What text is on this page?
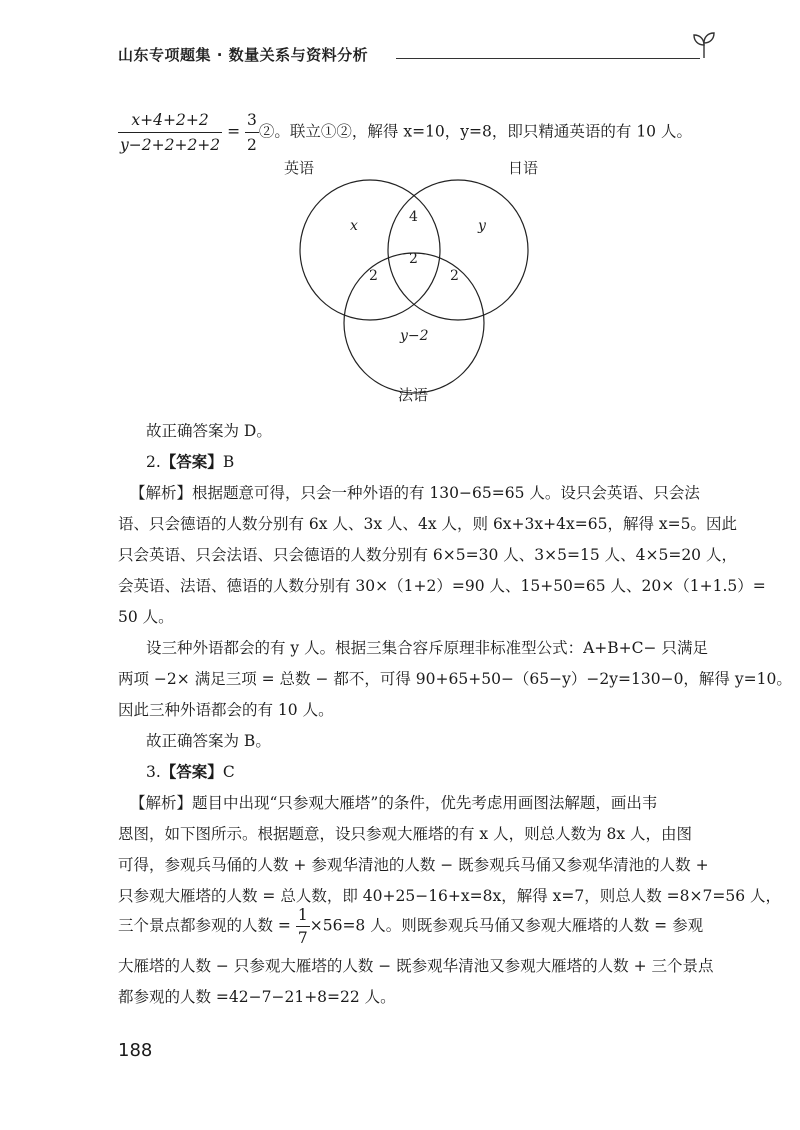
山东专项题集 · 数量关系与资料分析
$\frac{x+4+2+2}{y-2+2+2+2} = \frac{3}{2}$ ②。联立①②，解得 x=10，y=8，即只精通英语的有 10 人。
英语	日语
法语
x
4
y
2
2
2
y−2
故正确答案为 D。
2.【答案】B
【解析】根据题意可得，只会一种外语的有 130−65=65 人。设只会英语、只会法
语、只会德语的人数分别有 6x 人、3x 人、4x 人，则 6x+3x+4x=65，解得 x=5。因此
只会英语、只会法语、只会德语的人数分别有 6×5=30 人、3×5=15 人、4×5=20 人，
会英语、法语、德语的人数分别有 30×（1+2）=90 人、15+50=65 人、20×（1+1.5）=
50 人。
设三种外语都会的有 y 人。根据三集合容斥原理非标准型公式：A+B+C− 只满足
两项 −2× 满足三项 = 总数 − 都不，可得 90+65+50−（65−y）−2y=130−0，解得 y=10。
因此三种外语都会的有 10 人。
故正确答案为 B。
3.【答案】C
【解析】题目中出现“只参观大雁塔”的条件，优先考虑用画图法解题，画出韦
恩图，如下图所示。根据题意，设只参观大雁塔的有 x 人，则总人数为 8x 人，由图
可得，参观兵马俑的人数 + 参观华清池的人数 − 既参观兵马俑又参观华清池的人数 +
只参观大雁塔的人数 = 总人数，即 40+25−16+x=8x，解得 x=7，则总人数 =8×7=56 人，
三个景点都参观的人数 = $\frac{1}{7} \times 56=8$ 人。则既参观兵马俑又参观大雁塔的人数 = 参观
大雁塔的人数 − 只参观大雁塔的人数 − 既参观华清池又参观大雁塔的人数 + 三个景点
都参观的人数 =42−7−21+8=22 人。
188
